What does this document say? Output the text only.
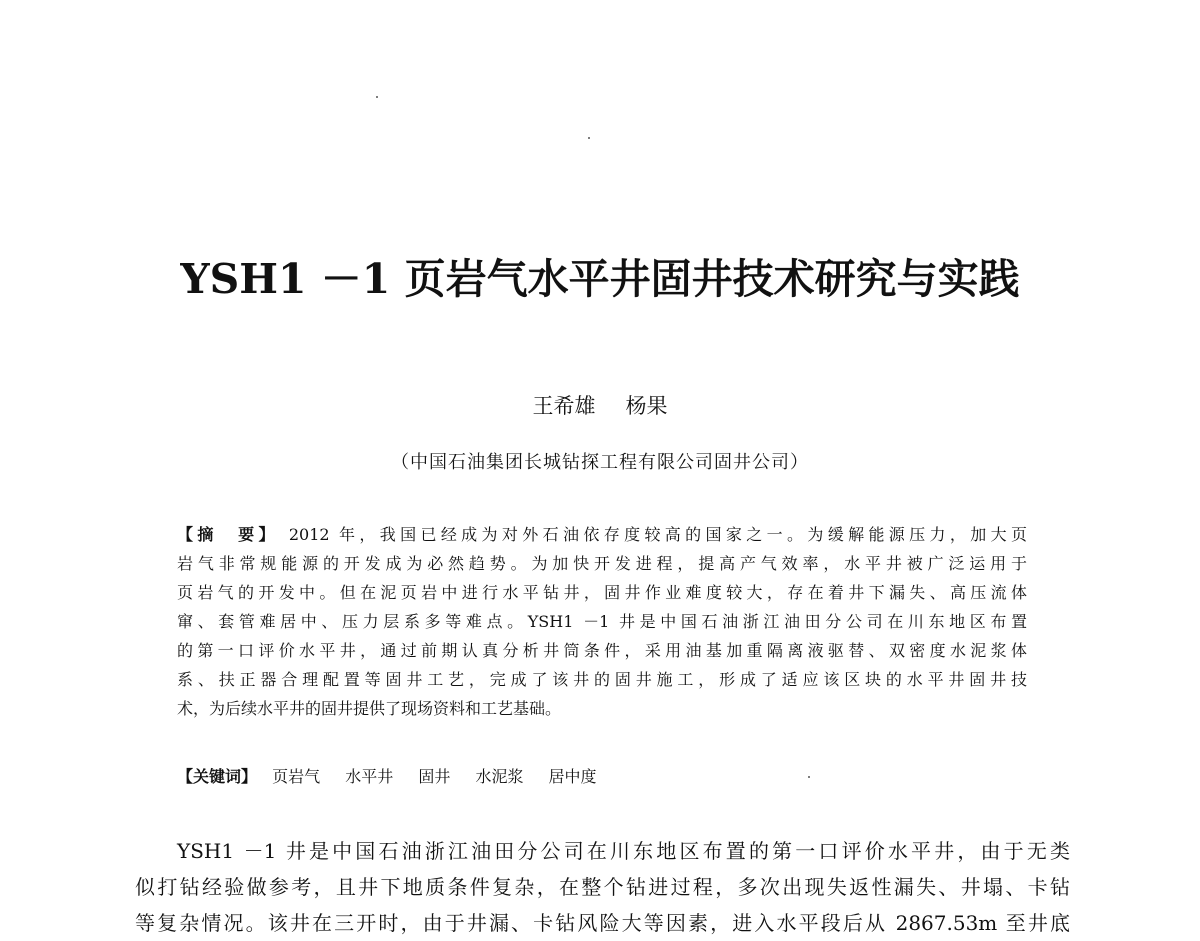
YSH1 －1 页岩气水平井固井技术研究与实践
王希雄 杨果
（中国石油集团长城钻探工程有限公司固井公司）
【摘　要】 2012 年，我国已经成为对外石油依存度较高的国家之一。为缓解能源压力，加大页
岩气非常规能源的开发成为必然趋势。为加快开发进程，提高产气效率，水平井被广泛运用于
页岩气的开发中。但在泥页岩中进行水平钻井，固井作业难度较大，存在着井下漏失、高压流体
窜、套管难居中、压力层系多等难点。YSH1 －1 井是中国石油浙江油田分公司在川东地区布置
的第一口评价水平井，通过前期认真分析井筒条件，采用油基加重隔离液驱替、双密度水泥浆体
系、扶正器合理配置等固井工艺，完成了该井的固井施工，形成了适应该区块的水平井固井技
术，为后续水平井的固井提供了现场资料和工艺基础。
【关键词】 页岩气 水平井 固井 水泥浆 居中度
YSH1 －1 井是中国石油浙江油田分公司在川东地区布置的第一口评价水平井，由于无类
似打钻经验做参考，且井下地质条件复杂，在整个钻进过程，多次出现失返性漏失、井塌、卡钻
等复杂情况。该井在三开时，由于井漏、卡钻风险大等因素，进入水平段后从 2867.53m 至井底
